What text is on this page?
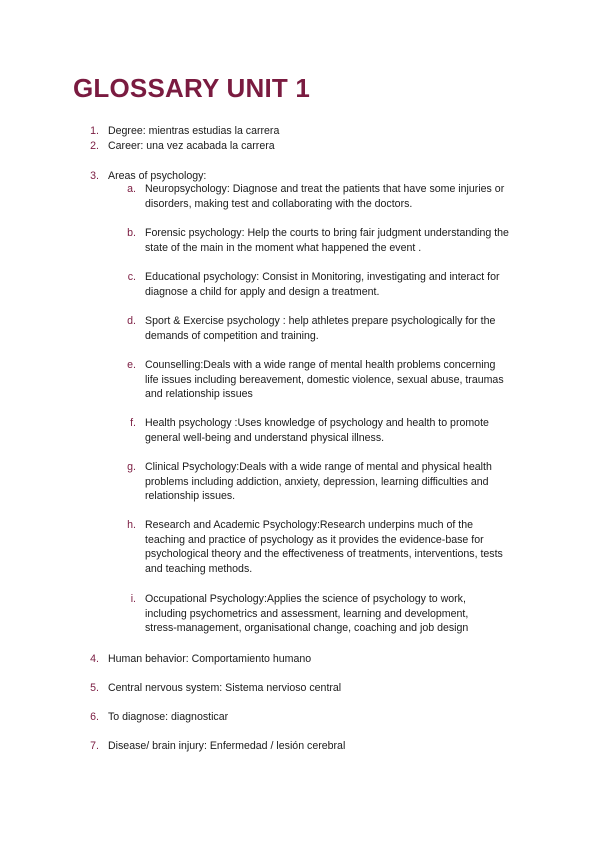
GLOSSARY UNIT 1
1. Degree: mientras estudias la carrera
2. Career: una vez acabada la carrera
3. Areas of psychology:
4. Human behavior: Comportamiento humano
5. Central nervous system: Sistema nervioso central
6. To diagnose: diagnosticar
7. Disease/ brain injury: Enfermedad / lesión cerebral
a. Neuropsychology: Diagnose and treat the patients that have some injuries or
disorders, making test and collaborating with the doctors.
b. Forensic psychology: Help the courts to bring fair judgment understanding the
state of the main in the moment what happened the event .
c. Educational psychology: Consist in Monitoring, investigating and interact for
diagnose a child for apply and design a treatment.
d. Sport & Exercise psychology : help athletes prepare psychologically for the
demands of competition and training.
e. Counselling:Deals with a wide range of mental health problems concerning
life issues including bereavement, domestic violence, sexual abuse, traumas
and relationship issues
f. Health psychology :Uses knowledge of psychology and health to promote
general well-being and understand physical illness.
g. Clinical Psychology:Deals with a wide range of mental and physical health
problems including addiction, anxiety, depression, learning difficulties and
relationship issues.
h. Research and Academic Psychology:Research underpins much of the
teaching and practice of psychology as it provides the evidence-base for
psychological theory and the effectiveness of treatments, interventions, tests
and teaching methods.
i. Occupational Psychology:Applies the science of psychology to work,
including psychometrics and assessment, learning and development,
stress-management, organisational change, coaching and job design
